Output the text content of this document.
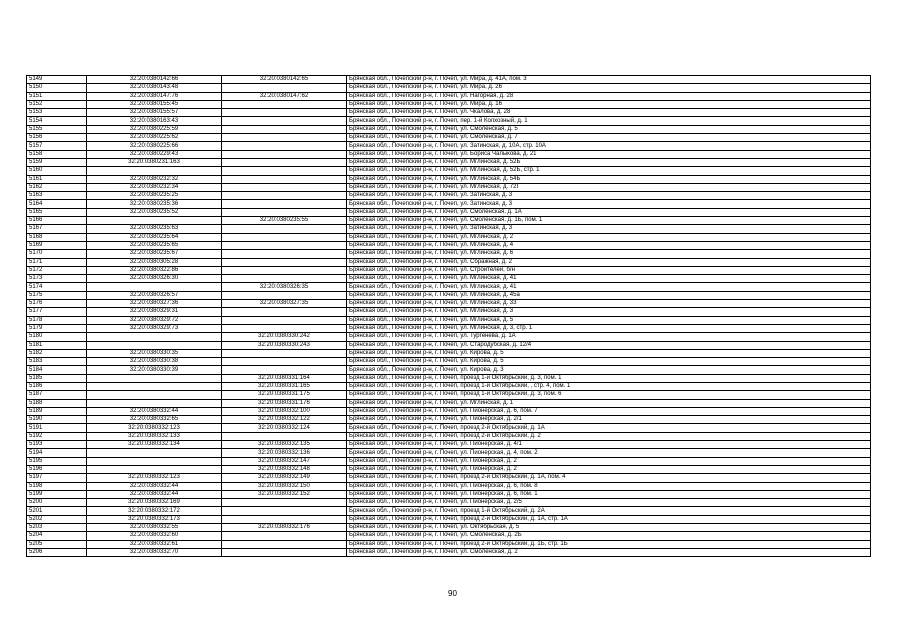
5149	32:20:0380142:66	32:20:0380142:65	Брянская обл., Почепский р-н, г. Почеп, ул. Мира, д. 41А, пом. 3
5150	32:20:0380143:48		Брянская обл., Почепский р-н, г. Почеп, ул. Мира, д. 26
5151	32:20:0380147:76	32:20:0380147:62	Брянская обл., Почепский р-н, г. Почеп, ул. Нагорная, д. 28
5152	32:20:0380155:45		Брянская обл., Почепский р-н, г. Почеп, ул. Мира, д. 16
5153	32:20:0380155:57		Брянская обл., Почепский р-н, г. Почеп, ул. Чкалова, д. 28
5154	32:20:0380163:43		Брянская обл., Почепский р-н, г. Почеп, пер. 1-й Колхозный, д. 1
5155	32:20:0380225:59		Брянская обл., Почепский р-н, г. Почеп, ул. Смоленская, д. 5
5156	32:20:0380225:62		Брянская обл., Почепский р-н, г. Почеп, ул. Смоленская, д. 7
5157	32:20:0380225:66		Брянская обл., Почепский р-н, г. Почеп, ул. Затинская, д. 10А, стр. 10А
5158	32:20:0380229:43		Брянская обл., Почепский р-н, г. Почеп, ул. Бориса Чалыкова, д. 21
5159	32:20:0380231:163		Брянская обл., Почепский р-н, г. Почеп, ул. Мглинская, д. 52Б
5160			Брянская обл., Почепский р-н, г. Почеп, ул. Мглинская, д. 52Б, стр. 1
5161	32:20:0380232:32		Брянская обл., Почепский р-н, г. Почеп, ул. Мглинская, д. 54Б
5162	32:20:0380232:34		Брянская обл., Почепский р-н, г. Почеп, ул. Мглинская, д. 72Г
5163	32:20:0380235:25		Брянская обл., Почепский р-н, г. Почеп, ул. Затинская, д. 3
5164	32:20:0380235:36		Брянская обл., Почепский р-н, г. Почеп, ул. Затинская, д. 3
5165	32:20:0380235:52		Брянская обл., Почепский р-н, г. Почеп, ул. Смоленская, д. 1А
5166		32:20:0380235:55	Брянская обл., Почепский р-н, г. Почеп, ул. Смоленская, д. 1Б, пом. 1
5167	32:20:0380235:63		Брянская обл., Почепский р-н, г. Почеп, ул. Затинская, д. 3
5168	32:20:0380235:64		Брянская обл., Почепский р-н, г. Почеп, ул. Мглинская, д. 2
5169	32:20:0380235:65		Брянская обл., Почепский р-н, г. Почеп, ул. Мглинская, д. 4
5170	32:20:0380235:67		Брянская обл., Почепский р-н, г. Почеп, ул. Мглинская, д. 6
5171	32:20:0380305:28		Брянская обл., Почепский р-н, г. Почеп, ул. Сбражная, д. 2
5172	32:20:0380322:86		Брянская обл., Почепский р-н, г. Почеп, ул. Строителей, б/н
5173	32:20:0380326:30		Брянская обл., Почепский р-н, г. Почеп, ул. Мглинская, д. 41
5174		32:20:0380326:35	Брянская обл., Почепский р-н, г. Почеп, ул. Мглинская, д. 41
5175	32:20:0380326:57		Брянская обл., Почепский р-н, г. Почеп, ул. Мглинская, д. 45а
5176	32:20:0380327:36	32:20:0380327:35	Брянская обл., Почепский р-н, г. Почеп, ул. Мглинская, д. 33
5177	32:20:0380329:31		Брянская обл., Почепский р-н, г. Почеп, ул. Мглинская, д. 3
5178	32:20:0380329:72		Брянская обл., Почепский р-н, г. Почеп, ул. Мглинская, д. 5
5179	32:20:0380329:73		Брянская обл., Почепский р-н, г. Почеп, ул. Мглинская, д. 3, стр. 1
5180		32:20:0380330:242	Брянская обл., Почепский р-н, г. Почеп, ул. Тургенева, д. 1А
5181		32:20:0380330:243	Брянская обл., Почепский р-н, г. Почеп, ул. Стародубская, д. 12/4
5182	32:20:0380330:35		Брянская обл., Почепский р-н, г. Почеп, ул. Кирова, д. 5
5183	32:20:0380330:38		Брянская обл., Почепский р-н, г. Почеп, ул. Кирова, д. 5
5184	32:20:0380330:39		Брянская обл., Почепский р-н, г. Почеп, ул. Кирова, д. 3
5185		32:20:0380331:164	Брянская обл., Почепский р-н, г. Почеп, проезд 1-й Октябрьский, д. 3, пом. 1
5186		32:20:0380331:165	Брянская обл., Почепский р-н, г. Почеп, проезд 1-й Октябрьский, , стр. 4, пом. 1
5187		32:20:0380331:175	Брянская обл., Почепский р-н, г. Почеп, проезд 1-й Октябрьский, д. 3, пом. 6
5188		32:20:0380331:176	Брянская обл., Почепский р-н, г. Почеп, ул. Мглинская, д. 1
5189	32:20:0380332:44	32:20:0380332:100	Брянская обл., Почепский р-н, г. Почеп, ул. Пионерская, д. 6, пом. 7
5190	32:20:0380332:65	32:20:0380332:122	Брянская обл., Почепский р-н, г. Почеп, ул. Пионерская, д. 2/1
5191	32:20:0380332:123	32:20:0380332:124	Брянская обл., Почепский р-н, г. Почеп, проезд 2-й Октябрьский, д. 1А
5192	32:20:0380332:133		Брянская обл., Почепский р-н, г. Почеп, проезд 2-й Октябрьский, д. 2
5193	32:20:0380332:134	32:20:0380332:135	Брянская обл., Почепский р-н, г. Почеп, ул. Пионерская, д. 4/1
5194		32:20:0380332:136	Брянская обл., Почепский р-н, г. Почеп, ул. Пионерская, д. 4, пом. 2
5195		32:20:0380332:147	Брянская обл., Почепский р-н, г. Почеп, ул. Пионерская, д. 2
5196		32:20:0380332:148	Брянская обл., Почепский р-н, г. Почеп, ул. Пионерская, д. 2
5197	32:20:0380332:123	32:20:0380332:149	Брянская обл., Почепский р-н, г. Почеп, проезд 2-й Октябрьский, д. 1А, пом. 4
5198	32:20:0380332:44	32:20:0380332:150	Брянская обл., Почепский р-н, г. Почеп, ул. Пионерская, д. 6, пом. 8
5199	32:20:0380332:44	32:20:0380332:152	Брянская обл., Почепский р-н, г. Почеп, ул. Пионерская, д. 6, пом. 1
5200	32:20:0380332:169		Брянская обл., Почепский р-н, г. Почеп, ул. Пионерская, д. 2/5
5201	32:20:0380332:172		Брянская обл., Почепский р-н, г. Почеп, проезд 1-й Октябрьский, д. 2А
5202	32:20:0380332:173		Брянская обл., Почепский р-н, г. Почеп, проезд 2-й Октябрьский, д. 1А, стр. 1А
5203	32:20:0380332:55	32:20:0380332:176	Брянская обл., Почепский р-н, г. Почеп, ул. Октябрьская, д. 5
5204	32:20:0380332:60		Брянская обл., Почепский р-н, г. Почеп, ул. Смоленская, д. 2Б
5205	32:20:0380332:61		Брянская обл., Почепский р-н, г. Почеп, проезд 2-й Октябрьский, д. 1Б, стр. 1Б
5206	32:20:0380332:70		Брянская обл., Почепский р-н, г. Почеп, ул. Смоленская, д. 2
90
